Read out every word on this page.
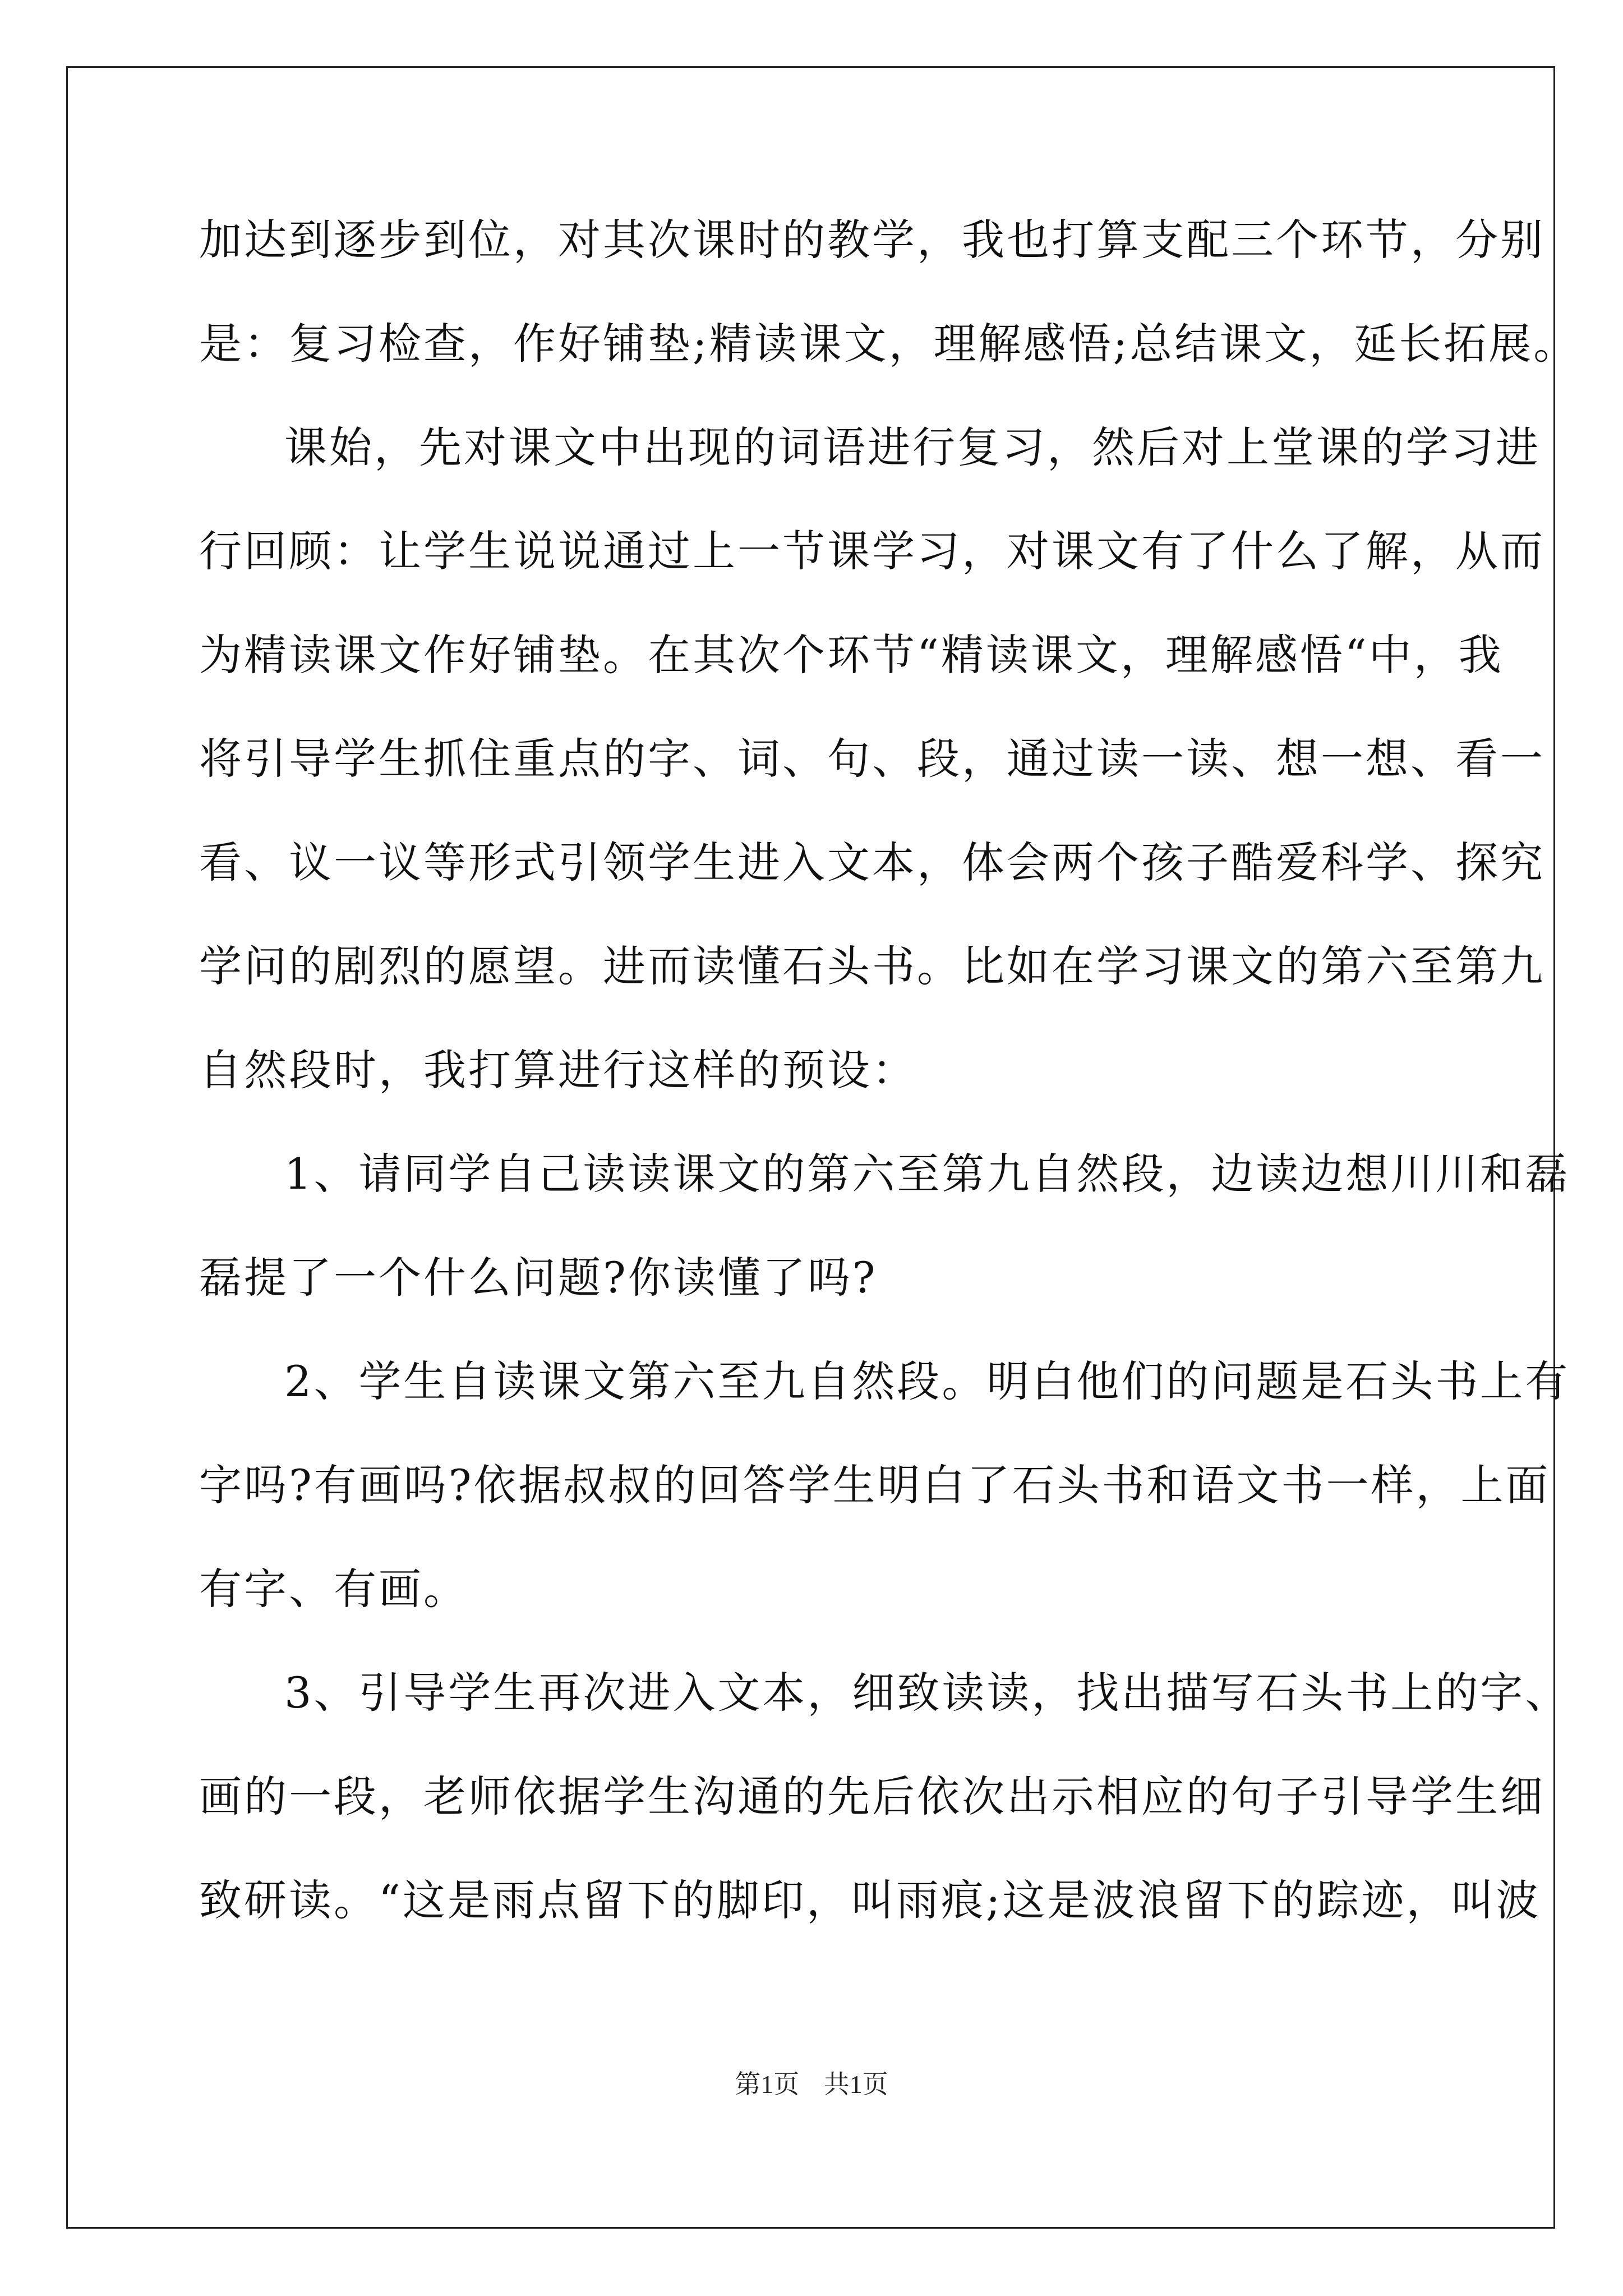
加达到逐步到位，对其次课时的教学，我也打算支配三个环节，分别
是：复习检查，作好铺垫;精读课文，理解感悟;总结课文，延长拓展。
课始，先对课文中出现的词语进行复习，然后对上堂课的学习进
行回顾：让学生说说通过上一节课学习，对课文有了什么了解，从而
为精读课文作好铺垫。在其次个环节“精读课文，理解感悟“中，我
将引导学生抓住重点的字、词、句、段，通过读一读、想一想、看一
看、议一议等形式引领学生进入文本，体会两个孩子酷爱科学、探究
学问的剧烈的愿望。进而读懂石头书。比如在学习课文的第六至第九
自然段时，我打算进行这样的预设：
1、请同学自己读读课文的第六至第九自然段，边读边想川川和磊
磊提了一个什么问题?你读懂了吗?
2、学生自读课文第六至九自然段。明白他们的问题是石头书上有
字吗?有画吗?依据叔叔的回答学生明白了石头书和语文书一样，上面
有字、有画。
3、引导学生再次进入文本，细致读读，找出描写石头书上的字、
画的一段，老师依据学生沟通的先后依次出示相应的句子引导学生细
致研读。“这是雨点留下的脚印，叫雨痕;这是波浪留下的踪迹，叫波
第1页 共1页
